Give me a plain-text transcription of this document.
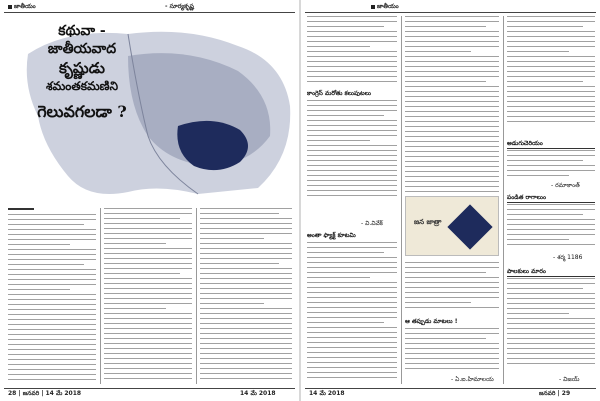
జాతీయం	- సూర్యకృష్ణ
కథువా -
జాతీయవాద
కృష్ణుడు
శమంతకమణిని
గెలువగలడా ?
28 | జనవరి | 14 మే 2018	14 మే 2018
జాతీయం
కాంగ్రెస్ మరోతు కలుపుటలు
- వి.వివేక్
అంతా ఫ్యాక్ట్ కూటమి
జన జాత్రా
ఆ తప్పుడు మాటలు !
- ఏ.ఐ.హిమాలయ
అడుగుచెరియం
- రమాకాంత్
పండిత రాగాలుం
- శర్మ 1186
పాలకులు మారం
- విజయ్
14 మే 2018	జనవరి | 29
